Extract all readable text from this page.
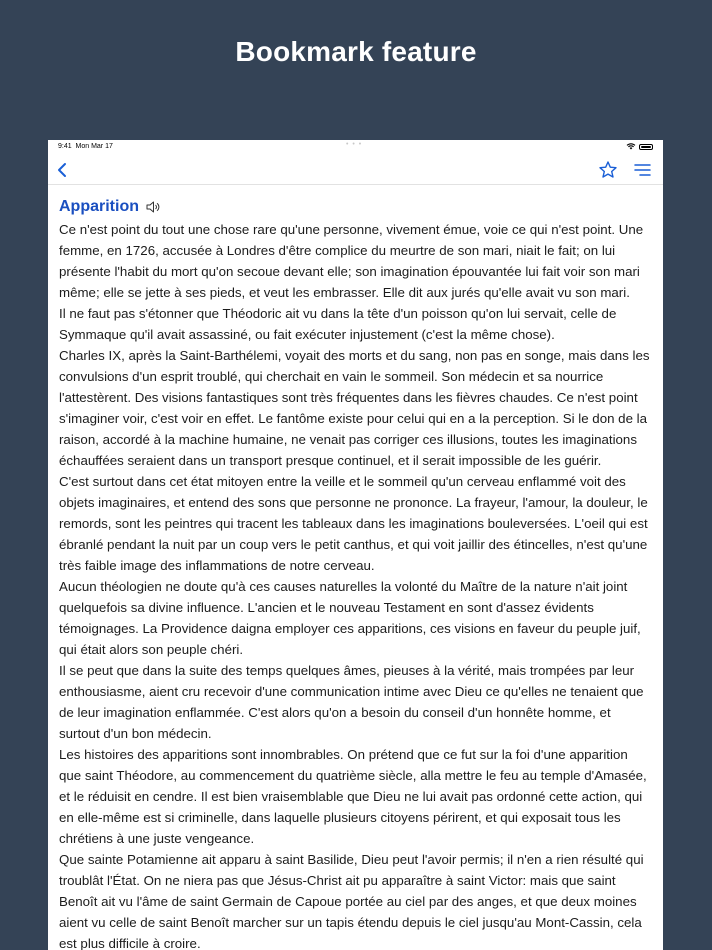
Bookmark feature
9:41 Mon Mar 17	• • •
Apparition

Ce n'est point du tout une chose rare qu'une personne, vivement émue, voie ce qui n'est point. Une femme, en 1726, accusée à Londres d'être complice du meurtre de son mari, niait le fait; on lui présente l'habit du mort qu'on secoue devant elle; son imagination épouvantée lui fait voir son mari même; elle se jette à ses pieds, et veut les embrasser. Elle dit aux jurés qu'elle avait vu son mari.

Il ne faut pas s'étonner que Théodoric ait vu dans la tête d'un poisson qu'on lui servait, celle de Symmaque qu'il avait assassiné, ou fait exécuter injustement (c'est la même chose).

Charles IX, après la Saint-Barthélemi, voyait des morts et du sang, non pas en songe, mais dans les convulsions d'un esprit troublé, qui cherchait en vain le sommeil. Son médecin et sa nourrice l'attestèrent. Des visions fantastiques sont très fréquentes dans les fièvres chaudes. Ce n'est point s'imaginer voir, c'est voir en effet. Le fantôme existe pour celui qui en a la perception. Si le don de la raison, accordé à la machine humaine, ne venait pas corriger ces illusions, toutes les imaginations échauffées seraient dans un transport presque continuel, et il serait impossible de les guérir.

C'est surtout dans cet état mitoyen entre la veille et le sommeil qu'un cerveau enflammé voit des objets imaginaires, et entend des sons que personne ne prononce. La frayeur, l'amour, la douleur, le remords, sont les peintres qui tracent les tableaux dans les imaginations bouleversées. L'oeil qui est ébranlé pendant la nuit par un coup vers le petit canthus, et qui voit jaillir des étincelles, n'est qu'une très faible image des inflammations de notre cerveau.

Aucun théologien ne doute qu'à ces causes naturelles la volonté du Maître de la nature n'ait joint quelquefois sa divine influence. L'ancien et le nouveau Testament en sont d'assez évidents témoignages. La Providence daigna employer ces apparitions, ces visions en faveur du peuple juif, qui était alors son peuple chéri.

Il se peut que dans la suite des temps quelques âmes, pieuses à la vérité, mais trompées par leur enthousiasme, aient cru recevoir d'une communication intime avec Dieu ce qu'elles ne tenaient que de leur imagination enflammée. C'est alors qu'on a besoin du conseil d'un honnête homme, et surtout d'un bon médecin.

Les histoires des apparitions sont innombrables. On prétend que ce fut sur la foi d'une apparition que saint Théodore, au commencement du quatrième siècle, alla mettre le feu au temple d'Amasée, et le réduisit en cendre. Il est bien vraisemblable que Dieu ne lui avait pas ordonné cette action, qui en elle-même est si criminelle, dans laquelle plusieurs citoyens périrent, et qui exposait tous les chrétiens à une juste vengeance.

Que sainte Potamienne ait apparu à saint Basilide, Dieu peut l'avoir permis; il n'en a rien résulté qui troublât l'État. On ne niera pas que Jésus-Christ ait pu apparaître à saint Victor: mais que saint Benoît ait vu l'âme de saint Germain de Capoue portée au ciel par des anges, et que deux moines aient vu celle de saint Benoît marcher sur un tapis étendu depuis le ciel jusqu'au Mont-Cassin, cela est plus difficile à croire.
